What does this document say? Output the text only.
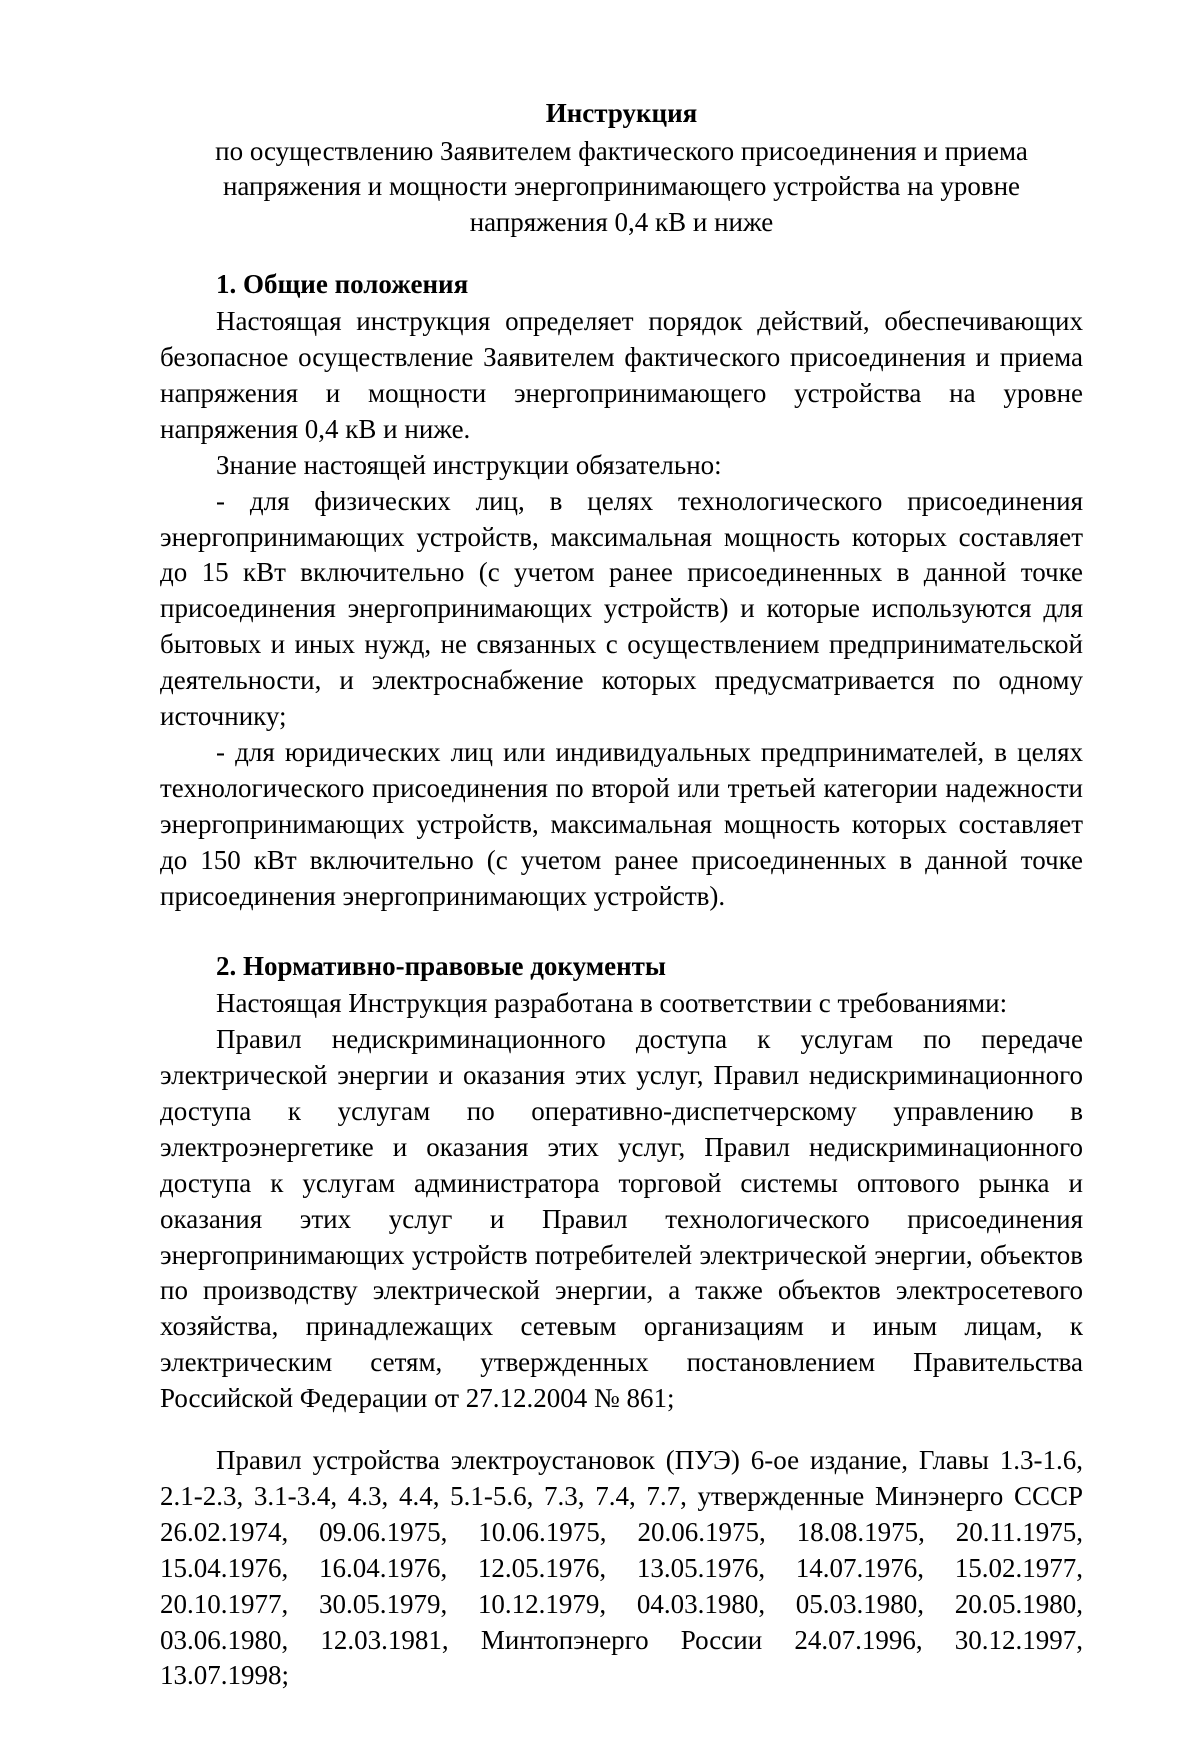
Инструкция
по осуществлению Заявителем фактического присоединения и приема напряжения и мощности энергопринимающего устройства на уровне напряжения 0,4 кВ и ниже
1. Общие положения

Настоящая инструкция определяет порядок действий, обеспечивающих безопасное осуществление Заявителем фактического присоединения и приема напряжения и мощности энергопринимающего устройства на уровне напряжения 0,4 кВ и ниже.

Знание настоящей инструкции обязательно:

- для физических лиц, в целях технологического присоединения энергопринимающих устройств, максимальная мощность которых составляет до 15 кВт включительно (с учетом ранее присоединенных в данной точке присоединения энергопринимающих устройств) и которые используются для бытовых и иных нужд, не связанных с осуществлением предпринимательской деятельности, и электроснабжение которых предусматривается по одному источнику;

- для юридических лиц или индивидуальных предпринимателей, в целях технологического присоединения по второй или третьей категории надежности энергопринимающих устройств, максимальная мощность которых составляет до 150 кВт включительно (с учетом ранее присоединенных в данной точке присоединения энергопринимающих устройств).

2. Нормативно-правовые документы

Настоящая Инструкция разработана в соответствии с требованиями:

Правил недискриминационного доступа к услугам по передаче электрической энергии и оказания этих услуг, Правил недискриминационного доступа к услугам по оперативно-диспетчерскому управлению в электроэнергетике и оказания этих услуг, Правил недискриминационного доступа к услугам администратора торговой системы оптового рынка и оказания этих услуг и Правил технологического присоединения энергопринимающих устройств потребителей электрической энергии, объектов по производству электрической энергии, а также объектов электросетевого хозяйства, принадлежащих сетевым организациям и иным лицам, к электрическим сетям, утвержденных постановлением Правительства Российской Федерации от 27.12.2004 № 861;

Правил устройства электроустановок (ПУЭ) 6-ое издание, Главы 1.3-1.6, 2.1-2.3, 3.1-3.4, 4.3, 4.4, 5.1-5.6, 7.3, 7.4, 7.7, утвержденные Минэнерго СССР 26.02.1974, 09.06.1975, 10.06.1975, 20.06.1975, 18.08.1975, 20.11.1975, 15.04.1976, 16.04.1976, 12.05.1976, 13.05.1976, 14.07.1976, 15.02.1977, 20.10.1977, 30.05.1979, 10.12.1979, 04.03.1980, 05.03.1980, 20.05.1980, 03.06.1980, 12.03.1981, Минтопэнерго России 24.07.1996, 30.12.1997, 13.07.1998;
